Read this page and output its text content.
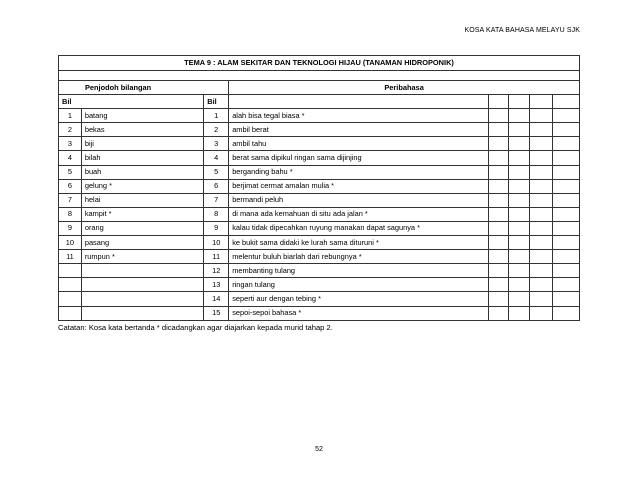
KOSA KATA BAHASA MELAYU SJK
TEMA 9 : ALAM SEKITAR DAN TEKNOLOGI HIJAU (TANAMAN HIDROPONIK)							

Penjodoh bilangan			Peribahasa				
Bil		Bil					
1	batang	1	alah bisa tegal biasa *				
2	bekas	2	ambil berat				
3	biji	3	ambil tahu				
4	bilah	4	berat sama dipikul ringan sama dijinjing				
5	buah	5	berganding bahu *				
6	gelung *	6	berjimat cermat amalan mulia *				
7	helai	7	bermandi peluh				
8	kampit *	8	di mana ada kemahuan di situ ada jalan *				
9	orang	9	kalau tidak dipecahkan ruyung manakan dapat sagunya *				
10	pasang	10	ke bukit sama didaki ke lurah sama dituruni *				
11	rumpun *	11	melentur buluh biarlah dari rebungnya *				
		12	membanting tulang				
		13	ringan tulang				
		14	seperti aur dengan tebing *				
		15	sepoi-sepoi bahasa *				
Catatan: Kosa kata bertanda * dicadangkan agar diajarkan kepada murid tahap 2.
52
